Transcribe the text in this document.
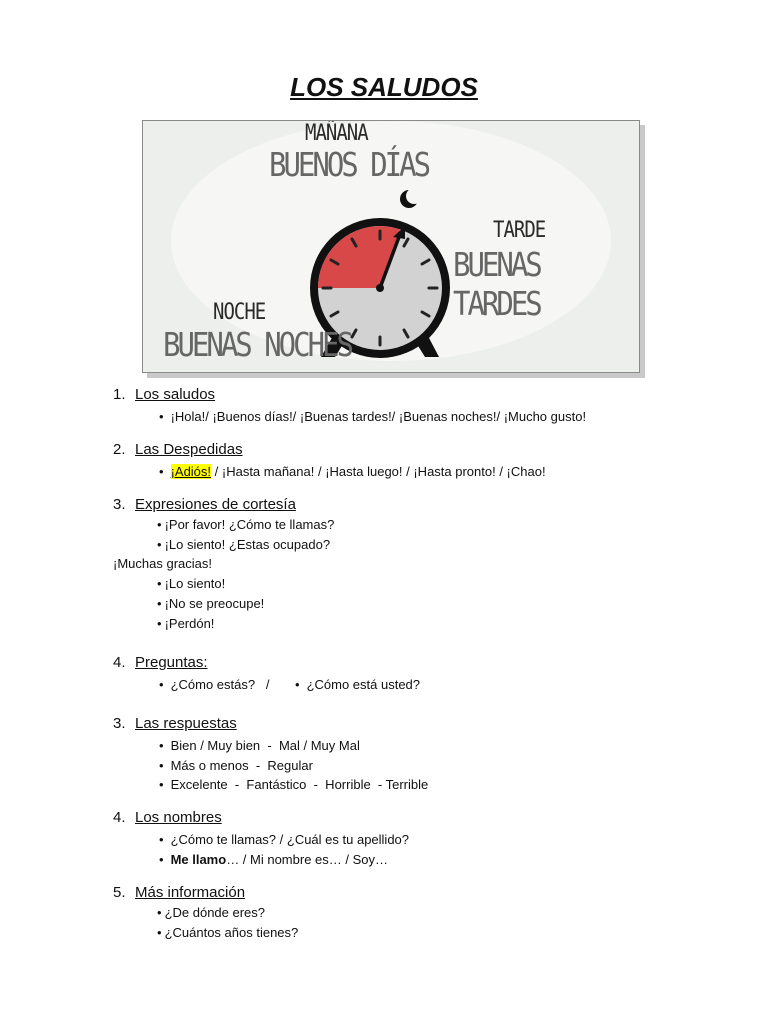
LOS SALUDOS
MAÑANA
BUENOS DÍAS
TARDE
BUENAS TARDES
NOCHE
BUENAS NOCHES
1. Los saludos
• ¡Hola!/ ¡Buenos días!/ ¡Buenas tardes!/ ¡Buenas noches!/ ¡Mucho gusto!
2. Las Despedidas
• ¡Adiós! / ¡Hasta mañana! / ¡Hasta luego! / ¡Hasta pronto! / ¡Chao!
3. Expresiones de cortesía
• ¡Por favor! ¿Cómo te llamas?
• ¡Lo siento! ¿Estas ocupado?
¡Muchas gracias!
• ¡Lo siento!
• ¡No se preocupe!
• ¡Perdón!
4. Preguntas:
• ¿Cómo estás?   / • ¿Cómo está usted?
3. Las respuestas
• Bien / Muy bien  -  Mal / Muy Mal
• Más o menos  -  Regular
• Excelente  -  Fantástico  -  Horrible  - Terrible
4. Los nombres
• ¿Cómo te llamas? / ¿Cuál es tu apellido?
• Me llamo… / Mi nombre es… / Soy…
5. Más información
• ¿De dónde eres?
• ¿Cuántos años tienes?
